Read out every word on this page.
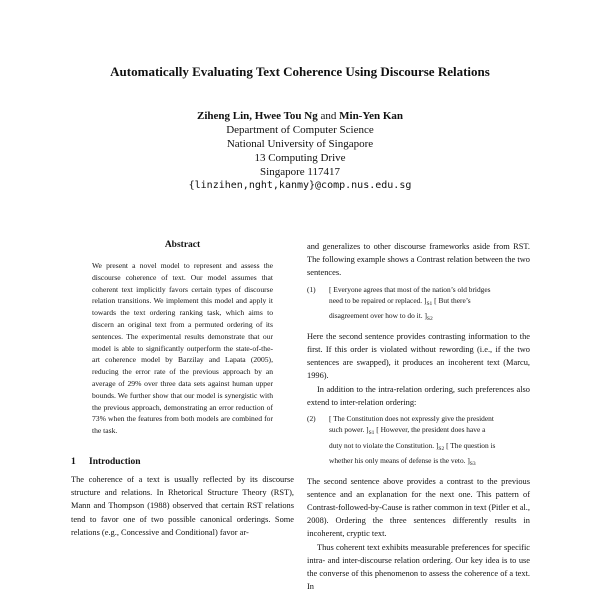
Automatically Evaluating Text Coherence Using Discourse Relations
Ziheng Lin, Hwee Tou Ng and Min-Yen Kan
Department of Computer Science
National University of Singapore
13 Computing Drive
Singapore 117417
{linzihen,nght,kanmy}@comp.nus.edu.sg
Abstract
We present a novel model to represent and assess the discourse coherence of text. Our model assumes that coherent text implicitly favors certain types of discourse relation transitions. We implement this model and apply it towards the text ordering ranking task, which aims to discern an original text from a permuted ordering of its sentences. The experimental results demonstrate that our model is able to significantly outperform the state-of-the-art coherence model by Barzilay and Lapata (2005), reducing the error rate of the previous approach by an average of 29% over three data sets against human upper bounds. We further show that our model is synergistic with the previous approach, demonstrating an error reduction of 73% when the features from both models are combined for the task.
1 Introduction
The coherence of a text is usually reflected by its discourse structure and relations. In Rhetorical Structure Theory (RST), Mann and Thompson (1988) observed that certain RST relations tend to favor one of two possible canonical orderings. Some relations (e.g., Concessive and Conditional) favor ar-

and generalizes to other discourse frameworks aside from RST. The following example shows a Contrast relation between the two sentences.

(1)	[ Everyone agrees that most of the nation’s old bridges need to be repaired or replaced. ]$_{S1}$ [ But there’s disagreement over how to do it. ]$_{S2}$

Here the second sentence provides contrasting information to the first. If this order is violated without rewording (i.e., if the two sentences are swapped), it produces an incoherent text (Marcu, 1996).

In addition to the intra-relation ordering, such preferences also extend to inter-relation ordering:

(2)	[ The Constitution does not expressly give the president such power. ]$_{S1}$ [ However, the president does have a duty not to violate the Constitution. ]$_{S2}$ [ The question is whether his only means of defense is the veto. ]$_{S3}$

The second sentence above provides a contrast to the previous sentence and an explanation for the next one. This pattern of Contrast-followed-by-Cause is rather common in text (Pitler et al., 2008). Ordering the three sentences differently results in incoherent, cryptic text.

Thus coherent text exhibits measurable preferences for specific intra- and inter-discourse relation ordering. Our key idea is to use the converse of this phenomenon to assess the coherence of a text. In
